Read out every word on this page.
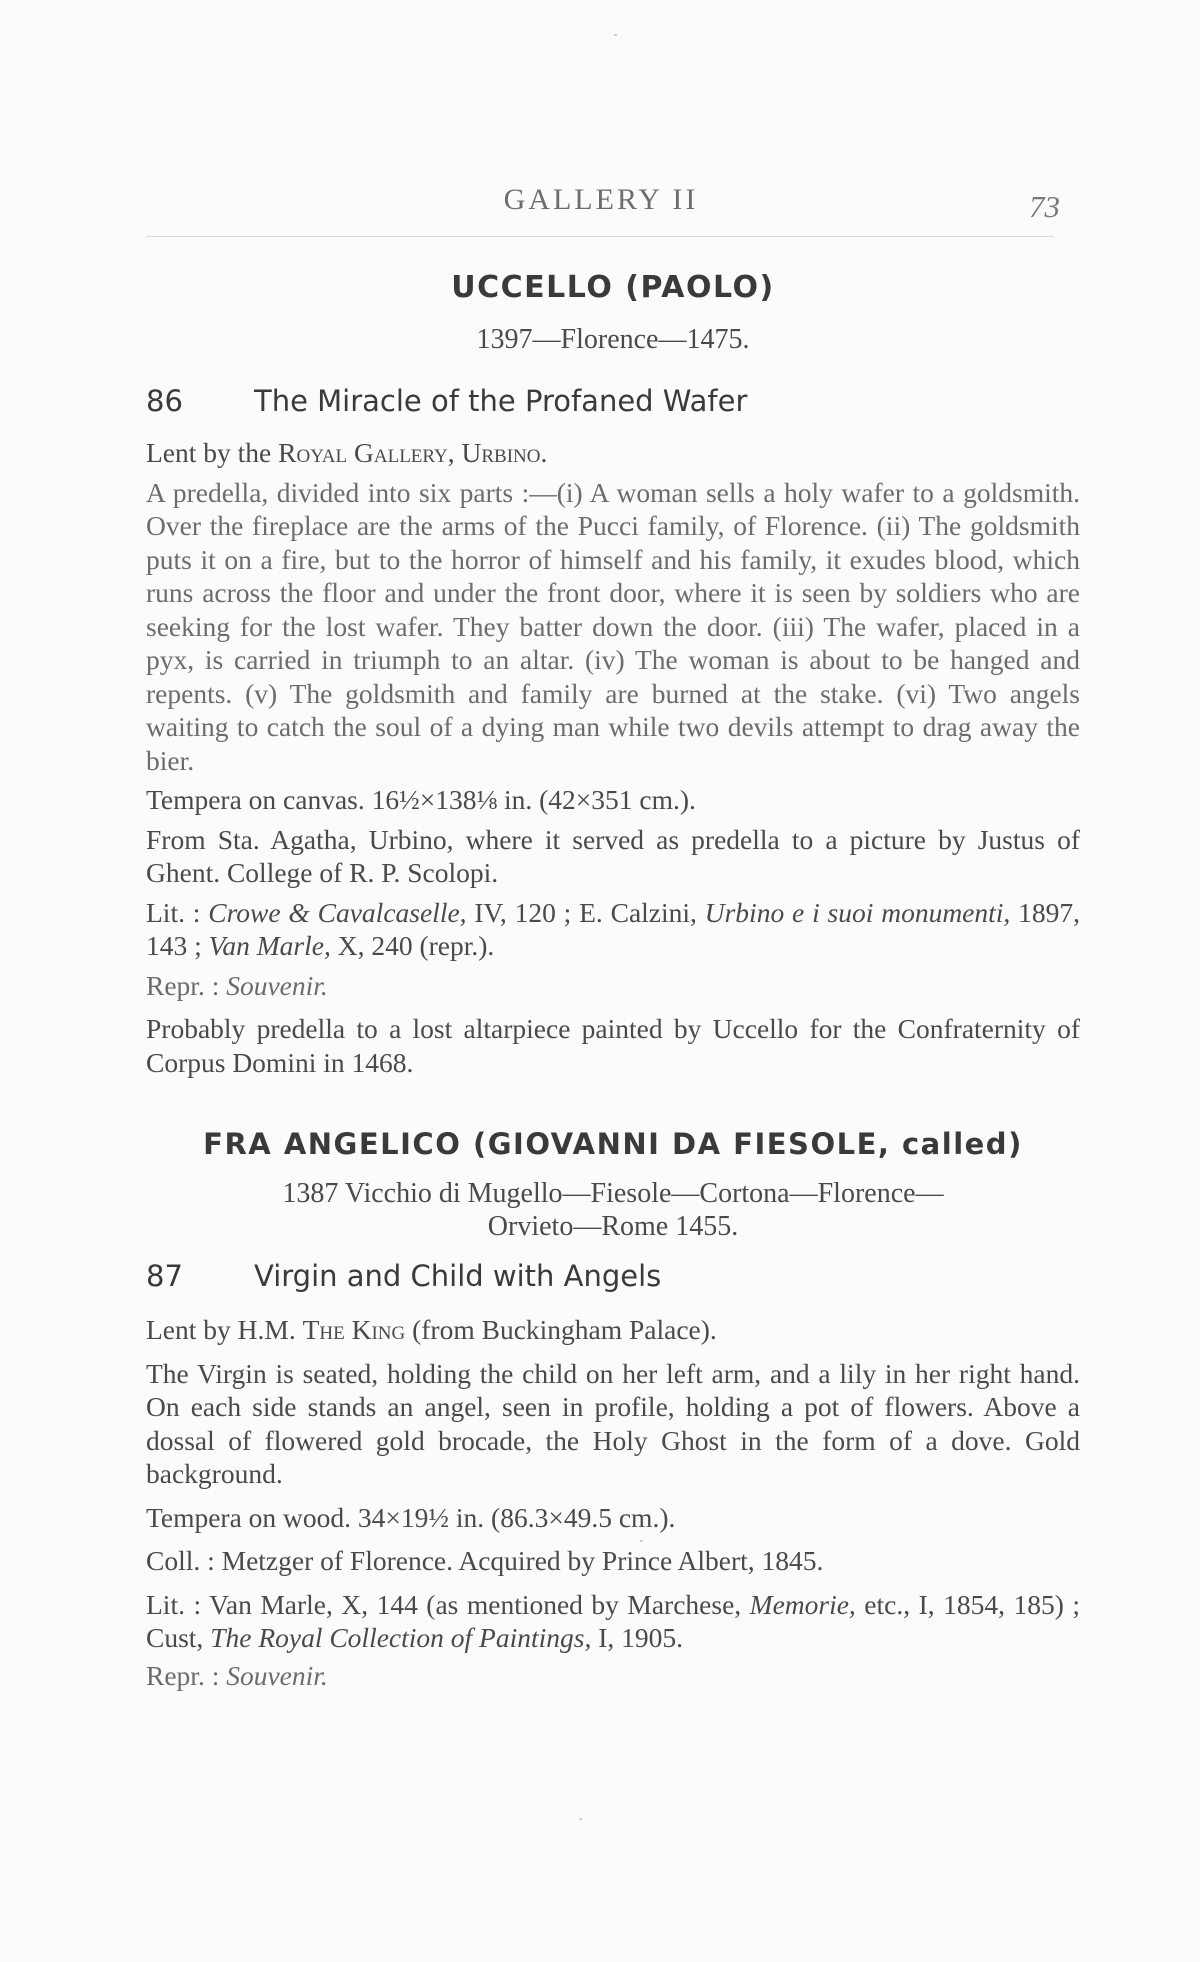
GALLERY II	73
UCCELLO (PAOLO)

1397—Florence—1475.

86	The Miracle of the Profaned Wafer

Lent by the Royal Gallery, Urbino.

A predella, divided into six parts :—(i) A woman sells a holy wafer to a goldsmith. Over the fireplace are the arms of the Pucci family, of Florence. (ii) The goldsmith puts it on a fire, but to the horror of himself and his family, it exudes blood, which runs across the floor and under the front door, where it is seen by soldiers who are seeking for the lost wafer. They batter down the door. (iii) The wafer, placed in a pyx, is carried in triumph to an altar. (iv) The woman is about to be hanged and repents. (v) The goldsmith and family are burned at the stake. (vi) Two angels waiting to catch the soul of a dying man while two devils attempt to drag away the bier.

Tempera on canvas. 16½×138⅛ in. (42×351 cm.).

From Sta. Agatha, Urbino, where it served as predella to a picture by Justus of Ghent. College of R. P. Scolopi.

Lit. : Crowe & Cavalcaselle, IV, 120 ; E. Calzini, Urbino e i suoi monumenti, 1897, 143 ; Van Marle, X, 240 (repr.).

Repr. : Souvenir.

Probably predella to a lost altarpiece painted by Uccello for the Confraternity of Corpus Domini in 1468.

FRA ANGELICO (GIOVANNI DA FIESOLE, called)

1387 Vicchio di Mugello—Fiesole—Cortona—Florence—
Orvieto—Rome 1455.

87	Virgin and Child with Angels

Lent by H.M. The King (from Buckingham Palace).

The Virgin is seated, holding the child on her left arm, and a lily in her right hand. On each side stands an angel, seen in profile, holding a pot of flowers. Above a dossal of flowered gold brocade, the Holy Ghost in the form of a dove. Gold background.

Tempera on wood. 34×19½ in. (86.3×49.5 cm.).

Coll. : Metzger of Florence. Acquired by Prince Albert, 1845.

Lit. : Van Marle, X, 144 (as mentioned by Marchese, Memorie, etc., I, 1854, 185) ; Cust, The Royal Collection of Paintings, I, 1905.

Repr. : Souvenir.
